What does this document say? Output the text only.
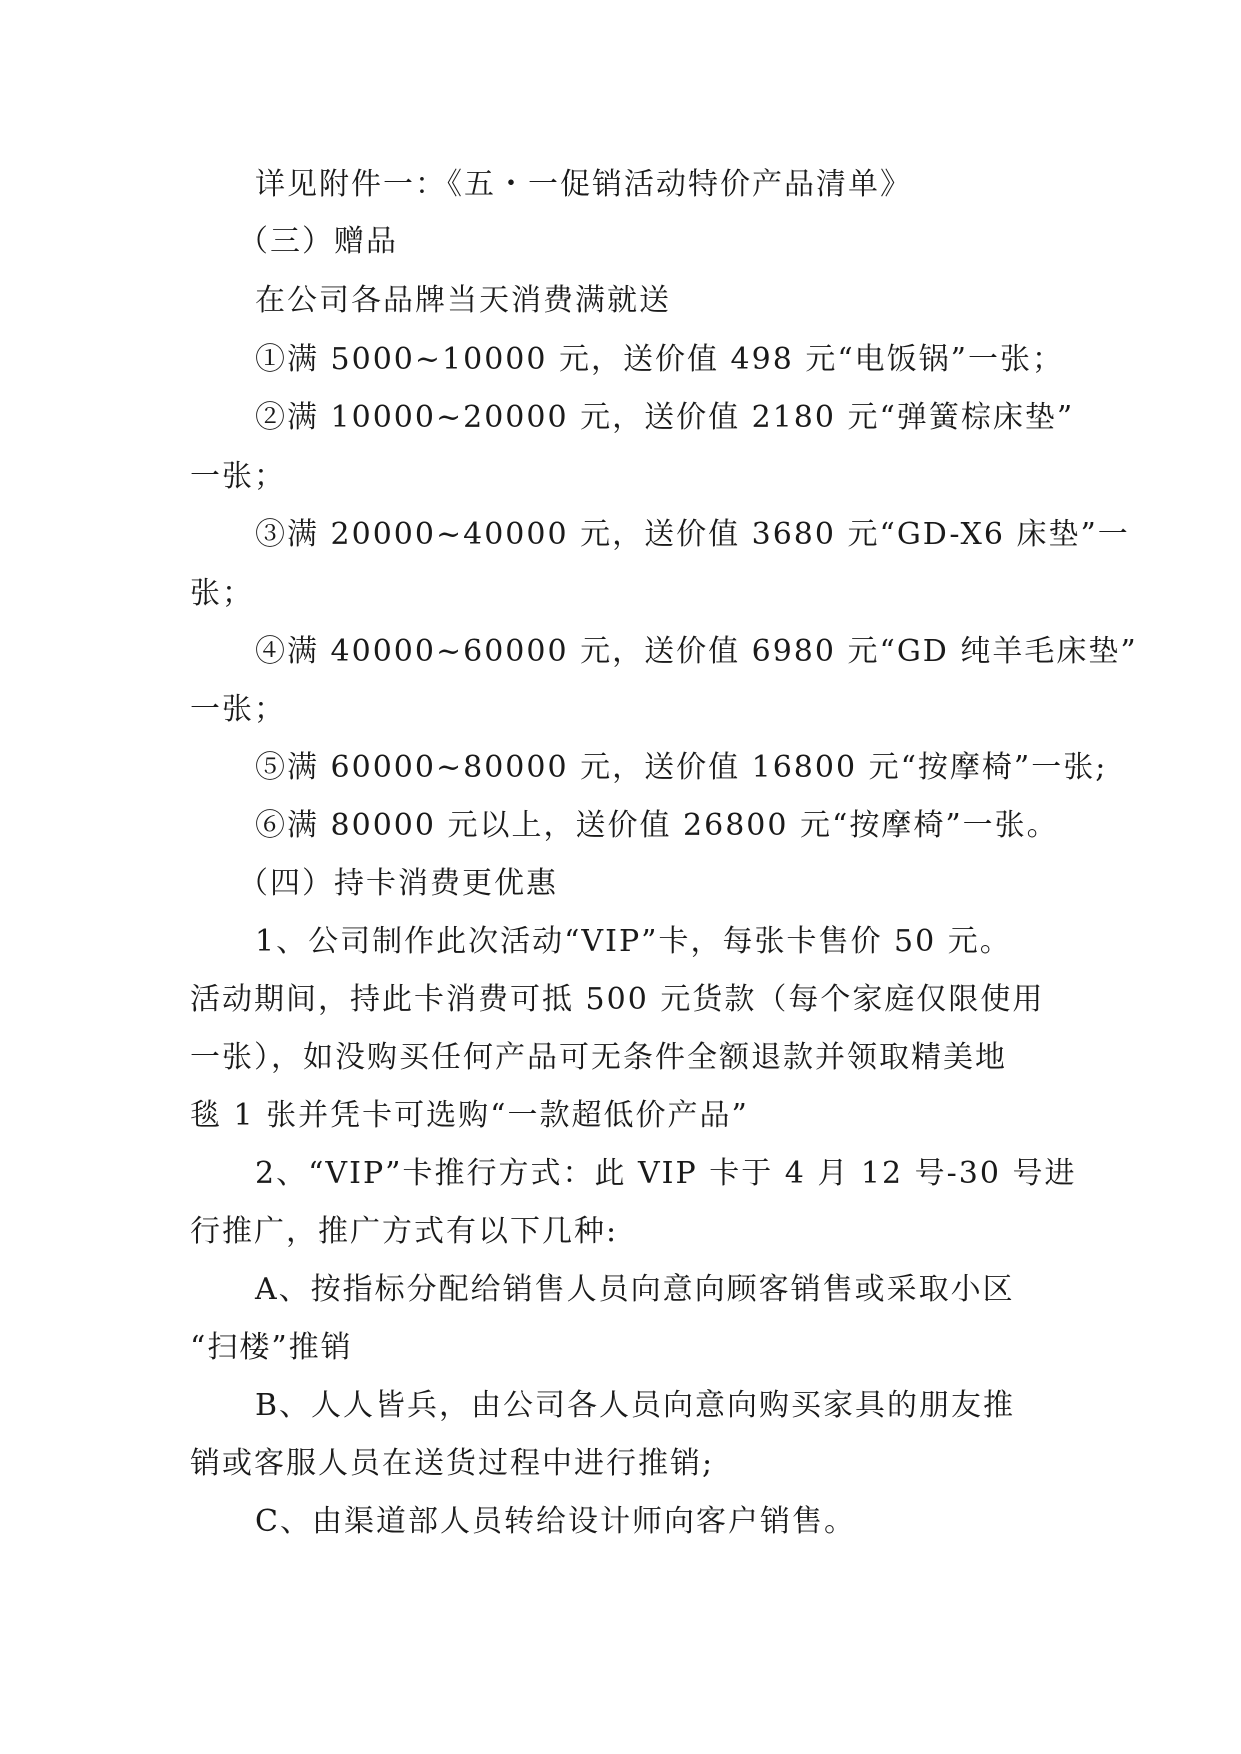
详见附件一：《五・一促销活动特价产品清单》
（三）赠品
在公司各品牌当天消费满就送
①满 5000~10000 元，送价值 498 元“电饭锅”一张；
②满 10000~20000 元，送价值 2180 元“弹簧棕床垫”
一张；
③满 20000~40000 元，送价值 3680 元“GD-X6 床垫”一
张；
④满 40000~60000 元，送价值 6980 元“GD 纯羊毛床垫”
一张；
⑤满 60000~80000 元，送价值 16800 元“按摩椅”一张;
⑥满 80000 元以上，送价值 26800 元“按摩椅”一张。
（四）持卡消费更优惠
1、公司制作此次活动“VIP”卡，每张卡售价 50 元。
活动期间，持此卡消费可抵 500 元货款（每个家庭仅限使用
一张），如没购买任何产品可无条件全额退款并领取精美地
毯 1 张并凭卡可选购“一款超低价产品”
2、“VIP”卡推行方式：此 VIP 卡于 4 月 12 号-30 号进
行推广，推广方式有以下几种:
A、按指标分配给销售人员向意向顾客销售或采取小区
“扫楼”推销
B、人人皆兵，由公司各人员向意向购买家具的朋友推
销或客服人员在送货过程中进行推销;
C、由渠道部人员转给设计师向客户销售。
